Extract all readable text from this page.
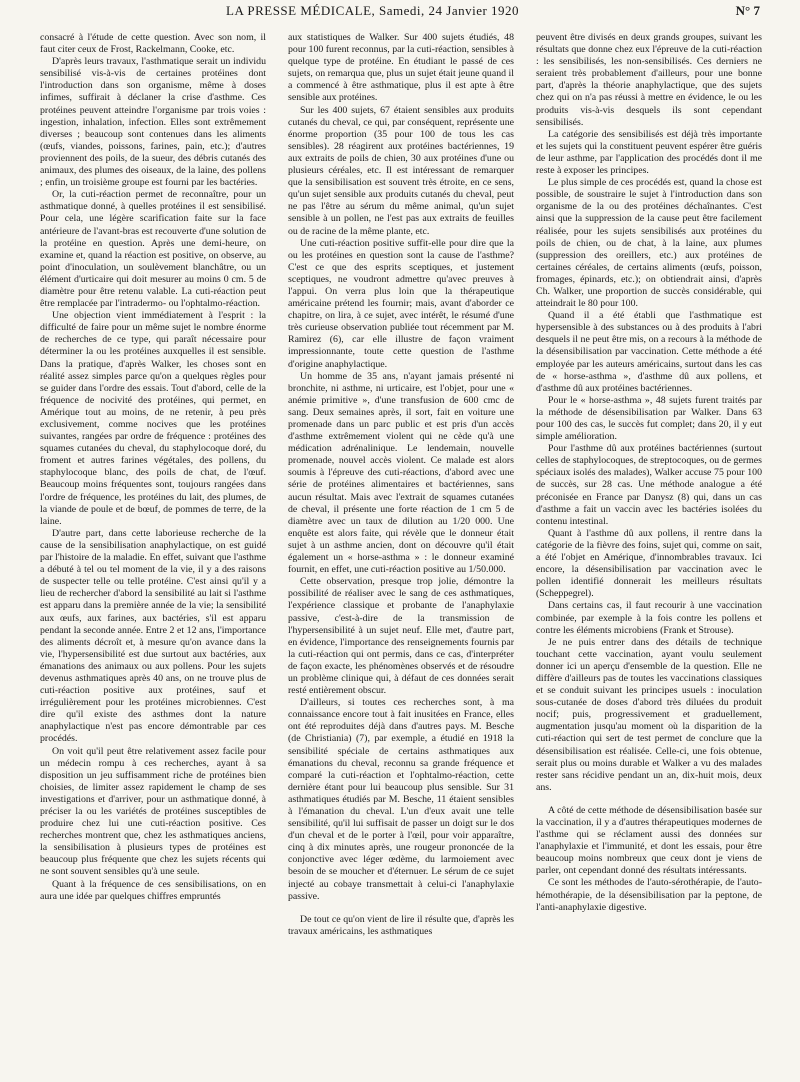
LA PRESSE MÉDICALE, Samedi, 24 Janvier 1920	N° 7

consacré à l'étude de cette question. Avec son nom, il faut citer ceux de Frost, Rackelmann, Cooke, etc.

D'après leurs travaux, l'asthmatique serait un individu sensibilisé vis-à-vis de certaines protéines dont l'introduction dans son organisme, même à doses infimes, suffirait à déclaner la crise d'asthme. Ces protéines peuvent atteindre l'organisme par trois voies : ingestion, inhalation, infection. Elles sont extrêmement diverses ; beaucoup sont contenues dans les aliments (œufs, viandes, poissons, farines, pain, etc.); d'autres proviennent des poils, de la sueur, des débris cutanés des animaux, des plumes des oiseaux, de la laine, des pollens ; enfin, un troisième groupe est fourni par les bactéries.

Or, la cuti-réaction permet de reconnaître, pour un asthmatique donné, à quelles protéines il est sensibilisé. Pour cela, une légère scarification faite sur la face antérieure de l'avant-bras est recouverte d'une solution de la protéine en question. Après une demi-heure, on examine et, quand la réaction est positive, on observe, au point d'inoculation, un soulèvement blanchâtre, ou un élément d'urticaire qui doit mesurer au moins 0 cm. 5 de diamètre pour être retenu valable. La cuti-réaction peut être remplacée par l'intradermo- ou l'ophtalmo-réaction.

Une objection vient immédiatement à l'esprit : la difficulté de faire pour un même sujet le nombre énorme de recherches de ce type, qui paraît nécessaire pour déterminer la ou les protéines auxquelles il est sensible. Dans la pratique, d'après Walker, les choses sont en réalité assez simples parce qu'on a quelques règles pour se guider dans l'ordre des essais. Tout d'abord, celle de la fréquence de nocivité des protéines, qui permet, en Amérique tout au moins, de ne retenir, à peu près exclusivement, comme nocives que les protéines suivantes, rangées par ordre de fréquence : protéines des squames cutanées du cheval, du staphylocoque doré, du froment et autres farines végétales, des pollens, du staphylocoque blanc, des poils de chat, de l'œuf. Beaucoup moins fréquentes sont, toujours rangées dans l'ordre de fréquence, les protéines du lait, des plumes, de la viande de poule et de bœuf, de pommes de terre, de la laine.

D'autre part, dans cette laborieuse recherche de la cause de la sensibilisation anaphylactique, on est guidé par l'histoire de la maladie. En effet, suivant que l'asthme a débuté à tel ou tel moment de la vie, il y a des raisons de suspecter telle ou telle protéine. C'est ainsi qu'il y a lieu de rechercher d'abord la sensibilité au lait si l'asthme est apparu dans la première année de la vie; la sensibilité aux œufs, aux farines, aux bactéries, s'il est apparu pendant la seconde année. Entre 2 et 12 ans, l'importance des aliments décroît et, à mesure qu'on avance dans la vie, l'hypersensibilité est due surtout aux bactéries, aux émanations des animaux ou aux pollens. Pour les sujets devenus asthmatiques après 40 ans, on ne trouve plus de cuti-réaction positive aux protéines, sauf et irrégulièrement pour les protéines microbiennes. C'est dire qu'il existe des asthmes dont la nature anaphylactique n'est pas encore démontrable par ces procédés.

On voit qu'il peut être relativement assez facile pour un médecin rompu à ces recherches, ayant à sa disposition un jeu suffisamment riche de protéines bien choisies, de limiter assez rapidement le champ de ses investigations et d'arriver, pour un asthmatique donné, à préciser la ou les variétés de protéines susceptibles de produire chez lui une cuti-réaction positive. Ces recherches montrent que, chez les asthmatiques anciens, la sensibilisation à plusieurs types de protéines est beaucoup plus fréquente que chez les sujets récents qui ne sont souvent sensibles qu'à une seule.

Quant à la fréquence de ces sensibilisations, on en aura une idée par quelques chiffres empruntés

aux statistiques de Walker. Sur 400 sujets étudiés, 48 pour 100 furent reconnus, par la cuti-réaction, sensibles à quelque type de protéine. En étudiant le passé de ces sujets, on remarqua que, plus un sujet était jeune quand il a commencé à être asthmatique, plus il est apte à être sensible aux protéines.

Sur les 400 sujets, 67 étaient sensibles aux produits cutanés du cheval, ce qui, par conséquent, représente une énorme proportion (35 pour 100 de tous les cas sensibles). 28 réagirent aux protéines bactériennes, 19 aux extraits de poils de chien, 30 aux protéines d'une ou plusieurs céréales, etc. Il est intéressant de remarquer que la sensibilisation est souvent très étroite, en ce sens, qu'un sujet sensible aux produits cutanés du cheval, peut ne pas l'être au sérum du même animal, qu'un sujet sensible à un pollen, ne l'est pas aux extraits de feuilles ou de racine de la même plante, etc.

Une cuti-réaction positive suffit-elle pour dire que la ou les protéines en question sont la cause de l'asthme? C'est ce que des esprits sceptiques, et justement sceptiques, ne voudront admettre qu'avec preuves à l'appui. On verra plus loin que la thérapeutique américaine prétend les fournir; mais, avant d'aborder ce chapitre, on lira, à ce sujet, avec intérêt, le résumé d'une très curieuse observation publiée tout récemment par M. Ramirez (6), car elle illustre de façon vraiment impressionnante, toute cette question de l'asthme d'origine anaphylactique.

Un homme de 35 ans, n'ayant jamais présenté ni bronchite, ni asthme, ni urticaire, est l'objet, pour une « anémie primitive », d'une transfusion de 600 cmc de sang. Deux semaines après, il sort, fait en voiture une promenade dans un parc public et est pris d'un accès d'asthme extrêmement violent qui ne cède qu'à une médication adrénalinique. Le lendemain, nouvelle promenade, nouvel accès violent. Ce malade est alors soumis à l'épreuve des cuti-réactions, d'abord avec une série de protéines alimentaires et bactériennes, sans aucun résultat. Mais avec l'extrait de squames cutanées de cheval, il présente une forte réaction de 1 cm 5 de diamètre avec un taux de dilution au 1/20 000. Une enquête est alors faite, qui révèle que le donneur était sujet à un asthme ancien, dont on découvre qu'il était également un « horse-asthma » : le donneur examiné fournit, en effet, une cuti-réaction positive au 1/50.000.

Cette observation, presque trop jolie, démontre la possibilité de réaliser avec le sang de ces asthmatiques, l'expérience classique et probante de l'anaphylaxie passive, c'est-à-dire de la transmission de l'hypersensibilité à un sujet neuf. Elle met, d'autre part, en évidence, l'importance des renseignements fournis par la cuti-réaction qui ont permis, dans ce cas, d'interpréter de façon exacte, les phénomènes observés et de résoudre un problème clinique qui, à défaut de ces données serait resté entièrement obscur.

D'ailleurs, si toutes ces recherches sont, à ma connaissance encore tout à fait inusitées en France, elles ont été reproduites déjà dans d'autres pays. M. Besche (de Christiania) (7), par exemple, a étudié en 1918 la sensibilité spéciale de certains asthmatiques aux émanations du cheval, reconnu sa grande fréquence et comparé la cuti-réaction et l'ophtalmo-réaction, cette dernière étant pour lui beaucoup plus sensible. Sur 31 asthmatiques étudiés par M. Besche, 11 étaient sensibles à l'émanation du cheval. L'un d'eux avait une telle sensibilité, qu'il lui suffisait de passer un doigt sur le dos d'un cheval et de le porter à l'œil, pour voir apparaître, cinq à dix minutes après, une rougeur prononcée de la conjonctive avec léger œdème, du larmoiement avec besoin de se moucher et d'éternuer. Le sérum de ce sujet injecté au cobaye transmettait à celui-ci l'anaphylaxie passive.

De tout ce qu'on vient de lire il résulte que, d'après les travaux américains, les asthmatiques

peuvent être divisés en deux grands groupes, suivant les résultats que donne chez eux l'épreuve de la cuti-réaction : les sensibilisés, les non-sensibilisés. Ces derniers ne seraient très probablement d'ailleurs, pour une bonne part, d'après la théorie anaphylactique, que des sujets chez qui on n'a pas réussi à mettre en évidence, le ou les produits vis-à-vis desquels ils sont cependant sensibilisés.

La catégorie des sensibilisés est déjà très importante et les sujets qui la constituent peuvent espérer être guéris de leur asthme, par l'application des procédés dont il me reste à exposer les principes.

Le plus simple de ces procédés est, quand la chose est possible, de soustraire le sujet à l'introduction dans son organisme de la ou des protéines déchaînantes. C'est ainsi que la suppression de la cause peut être facilement réalisée, pour les sujets sensibilisés aux protéines du poils de chien, ou de chat, à la laine, aux plumes (suppression des oreillers, etc.) aux protéines de certaines céréales, de certains aliments (œufs, poisson, fromages, épinards, etc.); on obtiendrait ainsi, d'après Ch. Walker, une proportion de succès considérable, qui atteindrait le 80 pour 100.

Quand il a été établi que l'asthmatique est hypersensible à des substances ou à des produits à l'abri desquels il ne peut être mis, on a recours à la méthode de la désensibilisation par vaccination. Cette méthode a été employée par les auteurs américains, surtout dans les cas de « horse-asthma », d'asthme dû aux pollens, et d'asthme dû aux protéines bactériennes.

Pour le « horse-asthma », 48 sujets furent traités par la méthode de désensibilisation par Walker. Dans 63 pour 100 des cas, le succès fut complet; dans 20, il y eut simple amélioration.

Pour l'asthme dû aux protéines bactériennes (surtout celles de staphylocoques, de streptocoques, ou de germes spéciaux isolés des malades), Walker accuse 75 pour 100 de succès, sur 28 cas. Une méthode analogue a été préconisée en France par Danysz (8) qui, dans un cas d'asthme a fait un vaccin avec les bactéries isolées du contenu intestinal.

Quant à l'asthme dû aux pollens, il rentre dans la catégorie de la fièvre des foins, sujet qui, comme on sait, a été l'objet en Amérique, d'innombrables travaux. Ici encore, la désensibilisation par vaccination avec le pollen identifié donnerait les meilleurs résultats (Scheppegrel).

Dans certains cas, il faut recourir à une vaccination combinée, par exemple à la fois contre les pollens et contre les éléments microbiens (Frank et Strouse).

Je ne puis entrer dans des détails de technique touchant cette vaccination, ayant voulu seulement donner ici un aperçu d'ensemble de la question. Elle ne diffère d'ailleurs pas de toutes les vaccinations classiques et se conduit suivant les principes usuels : inoculation sous-cutanée de doses d'abord très diluées du produit nocif; puis, progressivement et graduellement, augmentation jusqu'au moment où la disparition de la cuti-réaction qui sert de test permet de conclure que la désensibilisation est réalisée. Celle-ci, une fois obtenue, serait plus ou moins durable et Walker a vu des malades rester sans récidive pendant un an, dix-huit mois, deux ans.

A côté de cette méthode de désensibilisation basée sur la vaccination, il y a d'autres thérapeutiques modernes de l'asthme qui se réclament aussi des données sur l'anaphylaxie et l'immunité, et dont les essais, pour être beaucoup moins nombreux que ceux dont je viens de parler, ont cependant donné des résultats intéressants.

Ce sont les méthodes de l'auto-sérothérapie, de l'auto-hémothérapie, de la désensibilisation par la peptone, de l'anti-anaphylaxie digestive.
